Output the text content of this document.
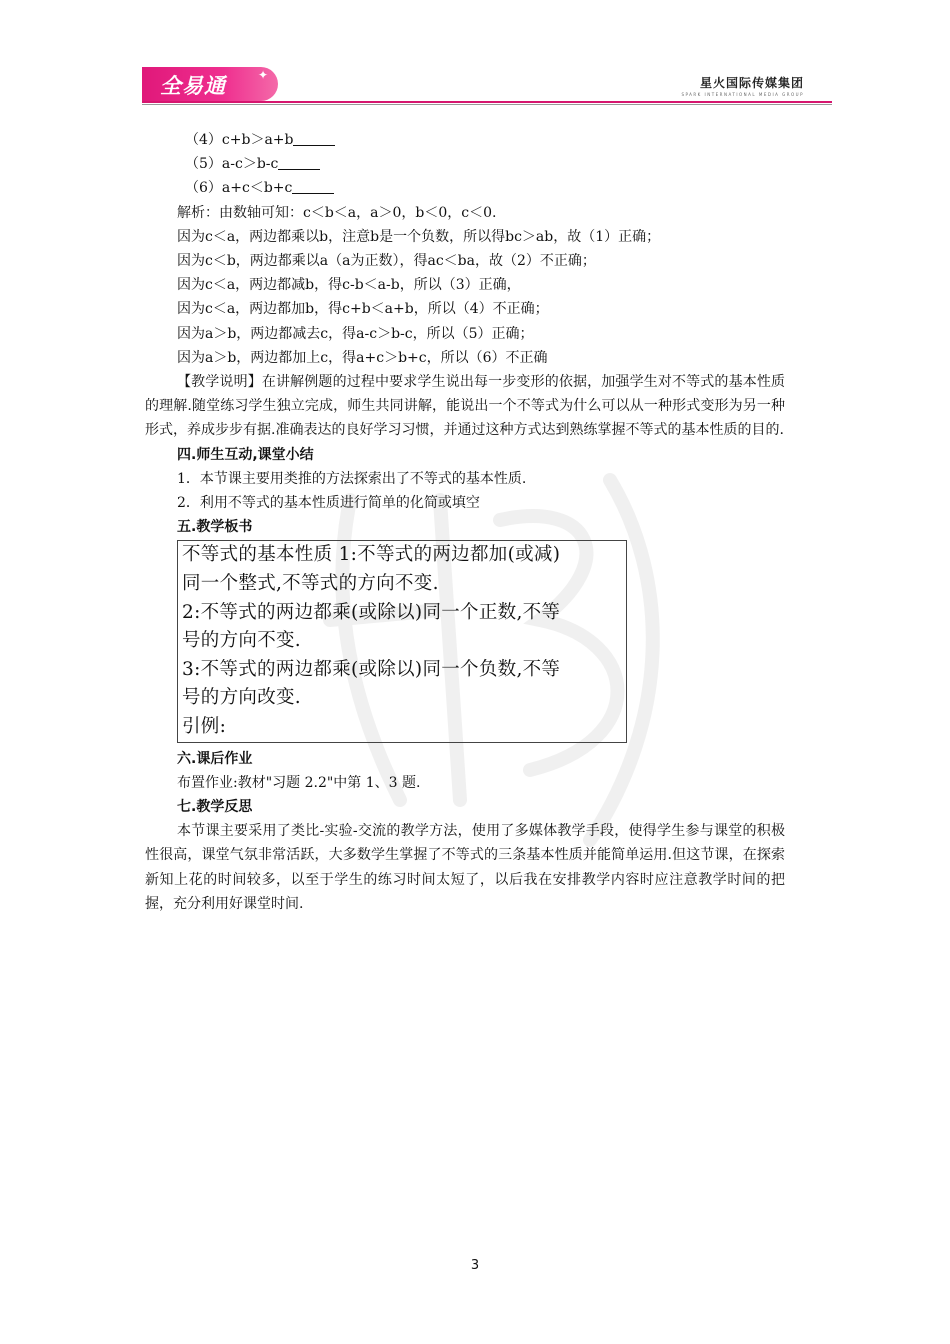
全易通	✦
星火国际传媒集团
SPARK INTERNATIONAL MEDIA GROUP
（4）c+b＞a+b
（5）a-c＞b-c
（6）a+c＜b+c
解析：由数轴可知：c＜b＜a，a＞0，b＜0，c＜0.
因为c＜a，两边都乘以b，注意b是一个负数，所以得bc＞ab，故（1）正确；
因为c＜b，两边都乘以a（a为正数），得ac＜ba，故（2）不正确；
因为c＜a，两边都减b，得c-b＜a-b，所以（3）正确，
因为c＜a，两边都加b，得c+b＜a+b，所以（4）不正确；
因为a＞b，两边都减去c，得a-c＞b-c，所以（5）正确；
因为a＞b，两边都加上c，得a+c＞b+c，所以（6）不正确
【教学说明】在讲解例题的过程中要求学生说出每一步变形的依据，加强学生对不等式的基本性质的理解.随堂练习学生独立完成，师生共同讲解，能说出一个不等式为什么可以从一种形式变形为另一种形式，养成步步有据.准确表达的良好学习习惯，并通过这种方式达到熟练掌握不等式的基本性质的目的.
四.师生互动,课堂小结
1．本节课主要用类推的方法探索出了不等式的基本性质.
2．利用不等式的基本性质进行简单的化简或填空
五.教学板书
不等式的基本性质 1:不等式的两边都加(或减)
同一个整式,不等式的方向不变.
2:不等式的两边都乘(或除以)同一个正数,不等
号的方向不变.
3:不等式的两边都乘(或除以)同一个负数,不等
号的方向改变.
引例:
六.课后作业
布置作业:教材"习题 2.2"中第 1、3 题.
七.教学反思
本节课主要采用了类比-实验-交流的教学方法，使用了多媒体教学手段，使得学生参与课堂的积极性很高，课堂气氛非常活跃，大多数学生掌握了不等式的三条基本性质并能简单运用.但这节课，在探索新知上花的时间较多，以至于学生的练习时间太短了，以后我在安排教学内容时应注意教学时间的把握，充分利用好课堂时间.
3
